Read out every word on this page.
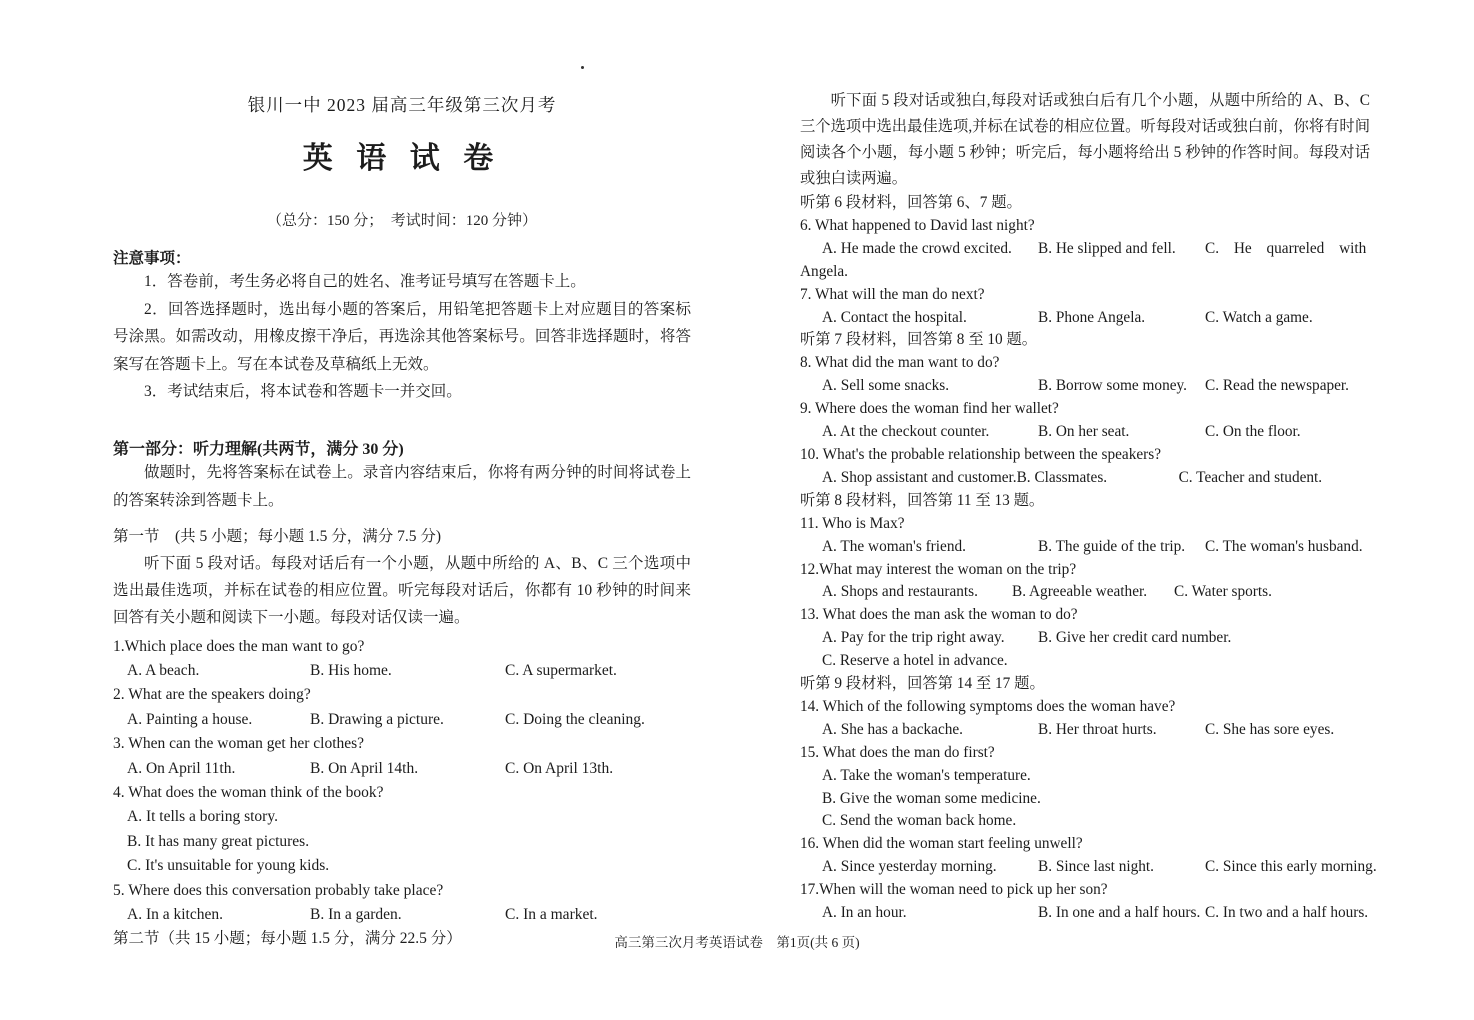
银川一中 2023 届高三年级第三次月考
英 语 试 卷
（总分：150 分；　考试时间：120 分钟）
注意事项：

1．答卷前，考生务必将自己的姓名、准考证号填写在答题卡上。

2．回答选择题时，选出每小题的答案后，用铅笔把答题卡上对应题目的答案标号涂黑。如需改动，用橡皮擦干净后，再选涂其他答案标号。回答非选择题时，将答案写在答题卡上。写在本试卷及草稿纸上无效。

3．考试结束后，将本试卷和答题卡一并交回。

第一部分：听力理解(共两节，满分 30 分)

做题时，先将答案标在试卷上。录音内容结束后，你将有两分钟的时间将试卷上的答案转涂到答题卡上。

第一节　(共 5 小题；每小题 1.5 分，满分 7.5 分)

听下面 5 段对话。每段对话后有一个小题，从题中所给的 A、B、C 三个选项中选出最佳选项，并标在试卷的相应位置。听完每段对话后，你都有 10 秒钟的时间来回答有关小题和阅读下一小题。每段对话仅读一遍。

1.Which place does the man want to go?
A. A beach.	B. His home.	C. A supermarket.
2. What are the speakers doing?
A. Painting a house.	B. Drawing a picture.	C. Doing the cleaning.
3. When can the woman get her clothes?
A. On April 11th.	B. On April 14th.	C. On April 13th.
4. What does the woman think of the book?
A. It tells a boring story.
B. It has many great pictures.
C. It's unsuitable for young kids.
5. Where does this conversation probably take place?
A. In a kitchen.	B. In a garden.	C. In a market.
第二节（共 15 小题；每小题 1.5 分，满分 22.5 分）

听下面 5 段对话或独白,每段对话或独白后有几个小题，从题中所给的 A、B、C 三个选项中选出最佳选项,并标在试卷的相应位置。听每段对话或独白前，你将有时间阅读各个小题，每小题 5 秒钟；听完后，每小题将给出 5 秒钟的作答时间。每段对话或独白读两遍。

听第 6 段材料，回答第 6、7 题。
6. What happened to David last night?
A. He made the crowd excited.	B. He slipped and fell.	C. He quarreled with
Angela.
7. What will the man do next?
A. Contact the hospital.	B. Phone Angela.	C. Watch a game.
听第 7 段材料，回答第 8 至 10 题。
8. What did the man want to do?
A. Sell some snacks.	B. Borrow some money.	C. Read the newspaper.
9. Where does the woman find her wallet?
A. At the checkout counter.	B. On her seat.	C. On the floor.
10. What's the probable relationship between the speakers?
A. Shop assistant and customer. B. Classmates.	C. Teacher and student.
听第 8 段材料，回答第 11 至 13 题。
11. Who is Max?
A. The woman's friend.	B. The guide of the trip.	C. The woman's husband.
12.What may interest the woman on the trip?
A. Shops and restaurants.	B. Agreeable weather.	C. Water sports.
13. What does the man ask the woman to do?
A. Pay for the trip right away.	B. Give her credit card number.
C. Reserve a hotel in advance.
听第 9 段材料，回答第 14 至 17 题。
14. Which of the following symptoms does the woman have?
A. She has a backache.	B. Her throat hurts.	C. She has sore eyes.
15. What does the man do first?
A. Take the woman's temperature.
B. Give the woman some medicine.
C. Send the woman back home.
16. When did the woman start feeling unwell?
A. Since yesterday morning.	B. Since last night.	C. Since this early morning.
17.When will the woman need to pick up her son?
A. In an hour.	B. In one and a half hours. C. In two and a half hours.
高三第三次月考英语试卷　第1页(共 6 页)
